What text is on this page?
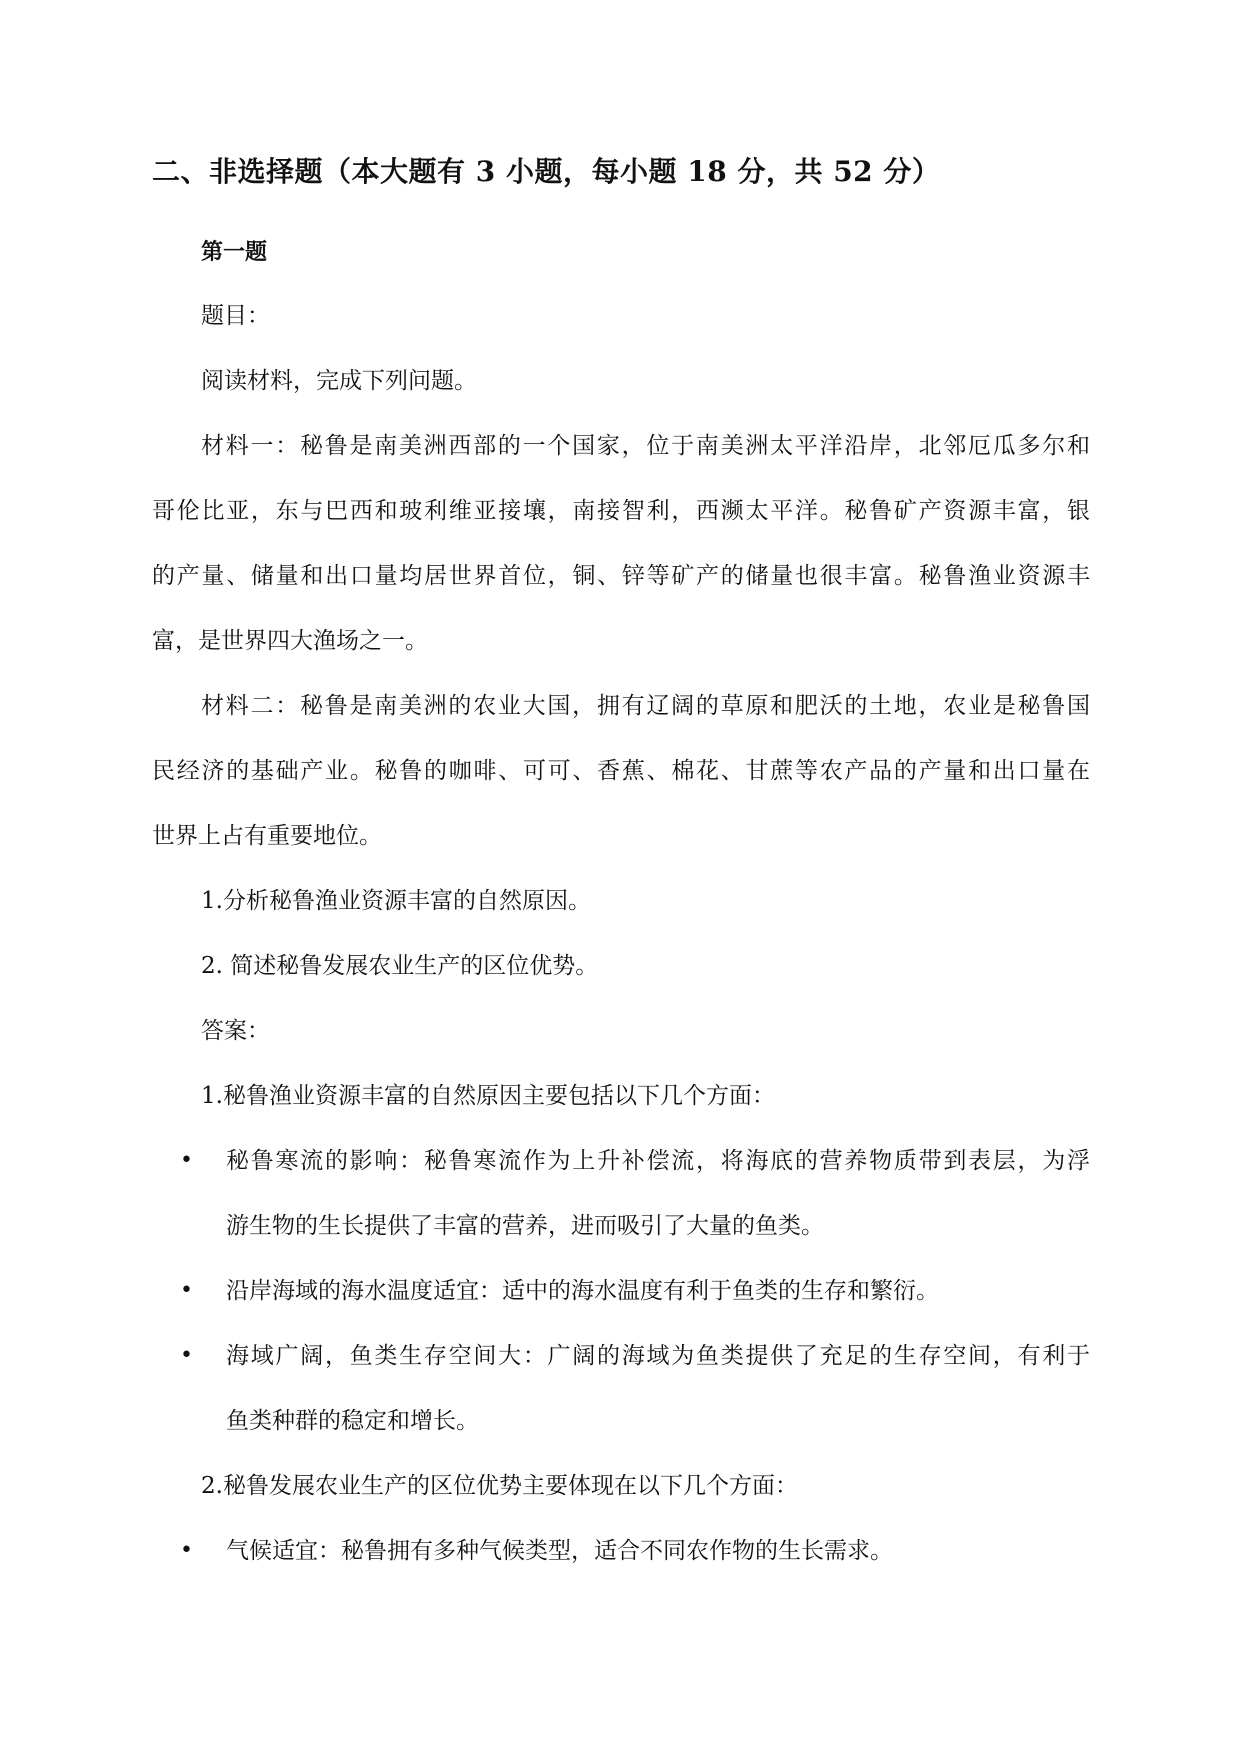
二、非选择题（本大题有 3 小题，每小题 18 分，共 52 分）
第一题
题目：
阅读材料，完成下列问题。
材料一：秘鲁是南美洲西部的一个国家，位于南美洲太平洋沿岸，北邻厄瓜多尔和
哥伦比亚，东与巴西和玻利维亚接壤，南接智利，西濒太平洋。秘鲁矿产资源丰富，银
的产量、储量和出口量均居世界首位，铜、锌等矿产的储量也很丰富。秘鲁渔业资源丰
富，是世界四大渔场之一。
材料二：秘鲁是南美洲的农业大国，拥有辽阔的草原和肥沃的土地，农业是秘鲁国
民经济的基础产业。秘鲁的咖啡、可可、香蕉、棉花、甘蔗等农产品的产量和出口量在
世界上占有重要地位。
1.分析秘鲁渔业资源丰富的自然原因。
2. 简述秘鲁发展农业生产的区位优势。
答案：
1.秘鲁渔业资源丰富的自然原因主要包括以下几个方面：
•	秘鲁寒流的影响：秘鲁寒流作为上升补偿流，将海底的营养物质带到表层，为浮
游生物的生长提供了丰富的营养，进而吸引了大量的鱼类。
•	沿岸海域的海水温度适宜：适中的海水温度有利于鱼类的生存和繁衍。
•	海域广阔，鱼类生存空间大：广阔的海域为鱼类提供了充足的生存空间，有利于
鱼类种群的稳定和增长。
2.秘鲁发展农业生产的区位优势主要体现在以下几个方面：
•	气候适宜：秘鲁拥有多种气候类型，适合不同农作物的生长需求。
